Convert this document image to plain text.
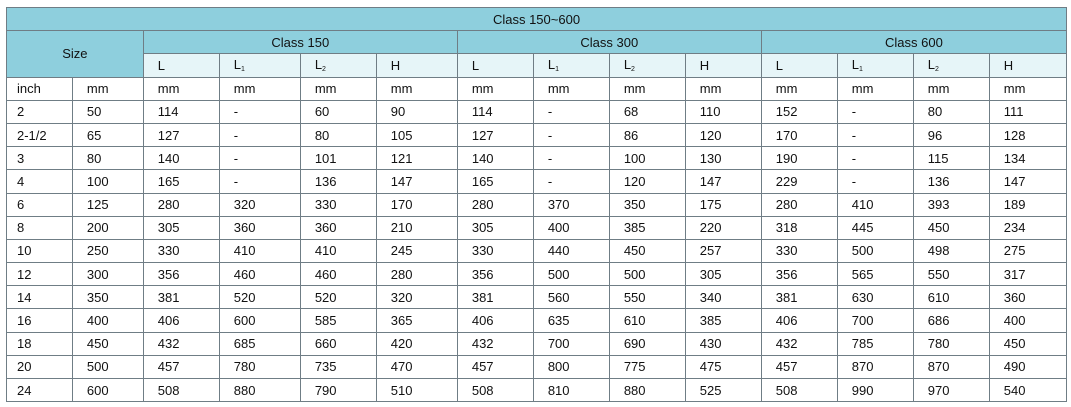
Class 150~600													
Size		Class 150				Class 300				Class 600			
		L	$L_1$	$L_2$	H	L	$L_1$	$L_2$	H	L	$L_1$	$L_2$	H
inch	mm	mm	mm	mm	mm	mm	mm	mm	mm	mm	mm	mm	mm
2	50	114	-	60	90	114	-	68	110	152	-	80	111
2-1/2	65	127	-	80	105	127	-	86	120	170	-	96	128
3	80	140	-	101	121	140	-	100	130	190	-	115	134
4	100	165	-	136	147	165	-	120	147	229	-	136	147
6	125	280	320	330	170	280	370	350	175	280	410	393	189
8	200	305	360	360	210	305	400	385	220	318	445	450	234
10	250	330	410	410	245	330	440	450	257	330	500	498	275
12	300	356	460	460	280	356	500	500	305	356	565	550	317
14	350	381	520	520	320	381	560	550	340	381	630	610	360
16	400	406	600	585	365	406	635	610	385	406	700	686	400
18	450	432	685	660	420	432	700	690	430	432	785	780	450
20	500	457	780	735	470	457	800	775	475	457	870	870	490
24	600	508	880	790	510	508	810	880	525	508	990	970	540
